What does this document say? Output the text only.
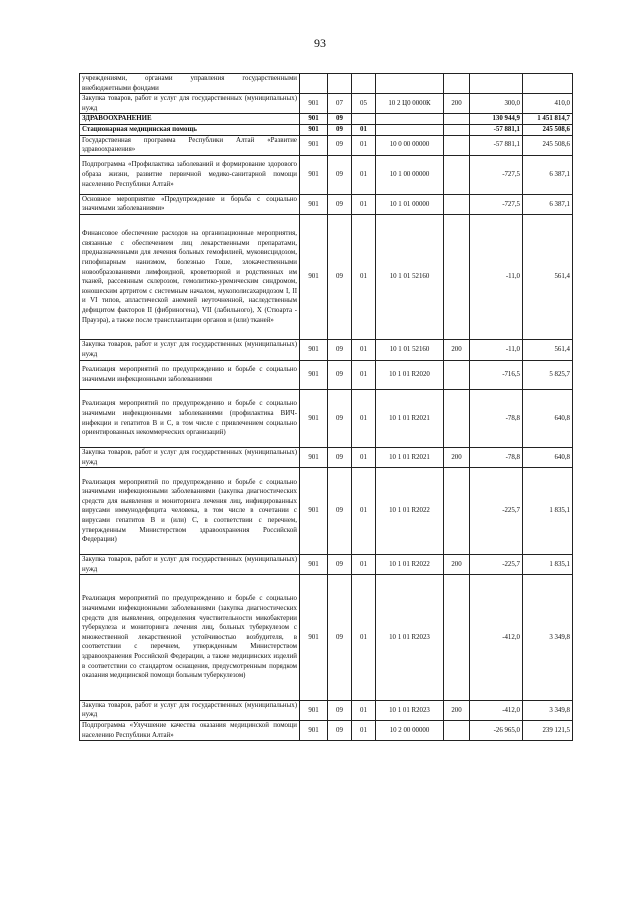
93
учреждениями, органами управления государственными внебюджетными фондами							
Закупка товаров, работ и услуг для государственных (муниципальных) нужд	901	07	05	10 2 Ц0 0000К	200	300,0	410,0
ЗДРАВООХРАНЕНИЕ	901	09				130 944,9	1 451 814,7
Стационарная медицинская помощь	901	09	01			-57 881,1	245 508,6
Государственная программа Республики Алтай «Развитие здравоохранения»	901	09	01	10 0 00 00000		-57 881,1	245 508,6
Подпрограмма «Профилактика заболеваний и формирование здорового образа жизни, развитие первичной медико-санитарной помощи населению Республики Алтай»	901	09	01	10 1 00 00000		-727,5	6 387,1
Основное мероприятие «Предупреждение и борьба с социально значимыми заболеваниями»	901	09	01	10 1 01 00000		-727,5	6 387,1
Финансовое обеспечение расходов на организационные мероприятия, связанные с обеспечением лиц лекарственными препаратами, предназначенными для лечения больных гемофилией, муковисцидозом, гипофизарным нанизмом, болезнью Гоше, злокачественными новообразованиями лимфоидной, кроветворной и родственных им тканей, рассеянным склерозом, гемолитико-уремическим синдромом, юношеским артритом с системным началом, мукополисахаридозом I, II и VI типов, апластической анемией неуточненной, наследственным дефицитом факторов II (фибриногена), VII (лабильного), X (Стюарта - Прауэра), а также после трансплантации органов и (или) тканей»	901	09	01	10 1 01 52160		-11,0	561,4
Закупка товаров, работ и услуг для государственных (муниципальных) нужд	901	09	01	10 1 01 52160	200	-11,0	561,4
Реализация мероприятий по предупреждению и борьбе с социально значимыми инфекционными заболеваниями	901	09	01	10 1 01 R2020		-716,5	5 825,7
Реализация мероприятий по предупреждению и борьбе с социально значимыми инфекционными заболеваниями (профилактика ВИЧ-инфекции и гепатитов B и C, в том числе с привлечением социально ориентированных некоммерческих организаций)	901	09	01	10 1 01 R2021		-78,8	640,8
Закупка товаров, работ и услуг для государственных (муниципальных) нужд	901	09	01	10 1 01 R2021	200	-78,8	640,8
Реализация мероприятий по предупреждению и борьбе с социально значимыми инфекционными заболеваниями (закупка диагностических средств для выявления и мониторинга лечения лиц, инфицированных вирусами иммунодефицита человека, в том числе в сочетании с вирусами гепатитов B и (или) C, в соответствии с перечнем, утвержденным Министерством здравоохранения Российской Федерации)	901	09	01	10 1 01 R2022		-225,7	1 835,1
Закупка товаров, работ и услуг для государственных (муниципальных) нужд	901	09	01	10 1 01 R2022	200	-225,7	1 835,1
Реализация мероприятий по предупреждению и борьбе с социально значимыми инфекционными заболеваниями (закупка диагностических средств для выявления, определения чувствительности микобактерии туберкулеза и мониторинга лечения лиц, больных туберкулезом с множественной лекарственной устойчивостью возбудителя, в соответствии с перечнем, утвержденным Министерством здравоохранения Российской Федерации, а также медицинских изделий в соответствии со стандартом оснащения, предусмотренным порядком оказания медицинской помощи больным туберкулезом)	901	09	01	10 1 01 R2023		-412,0	3 349,8
Закупка товаров, работ и услуг для государственных (муниципальных) нужд	901	09	01	10 1 01 R2023	200	-412,0	3 349,8
Подпрограмма «Улучшение качества оказания медицинской помощи населению Республики Алтай»	901	09	01	10 2 00 00000		-26 965,0	239 121,5
